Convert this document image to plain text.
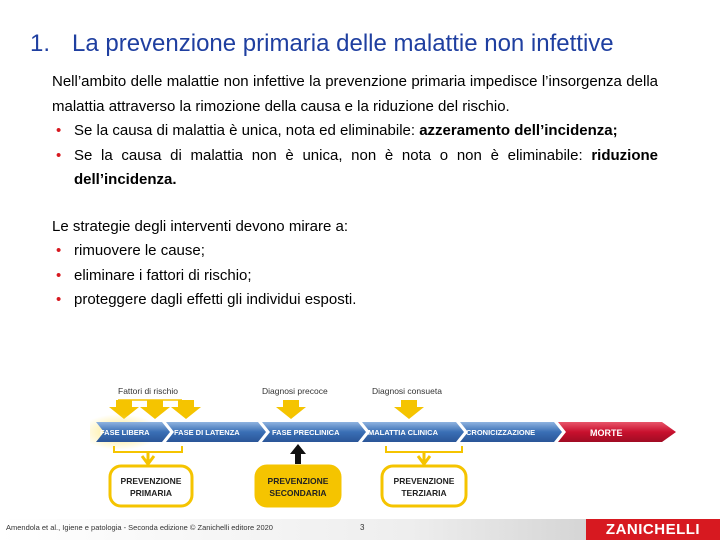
1. La prevenzione primaria delle malattie non infettive

Nell’ambito delle malattie non infettive la prevenzione primaria impedisce l’insorgenza della malattia attraverso la rimozione della causa e la riduzione del rischio.

• Se la causa di malattia è unica, nota ed eliminabile: azzeramento dell’incidenza;
• Se la causa di malattia non è unica, non è nota o non è eliminabile: riduzione dell’incidenza.

Le strategie degli interventi devono mirare a:

• rimuovere le cause;
• eliminare i fattori di rischio;
• proteggere dagli effetti gli individui esposti.
Fattori di rischio	Diagnosi precoce	Diagnosi consueta
FASE LIBERA	FASE DI LATENZA	FASE PRECLINICA	MALATTIA CLINICA	CRONICIZZAZIONE	MORTE
PREVENZIONE
PRIMARIA
PREVENZIONE
SECONDARIA
PREVENZIONE
TERZIARIA
Amendola et al., Igiene e patologia - Seconda edizione © Zanichelli editore 2020	3	ZANICHELLI
